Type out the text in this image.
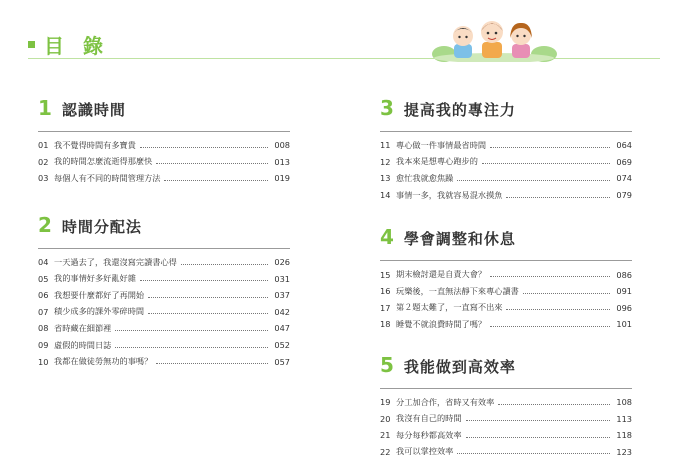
目 錄
1 認識時間
01 我不覺得時間有多寶貴	008
02 我的時間怎麼流逝得那麼快	013
03 每個人有不同的時間管理方法	019
2 時間分配法
04 一天過去了，我還沒寫完讀書心得	026
05 我的事情好多好亂好雜	031
06 我想要什麼都好了再開始	037
07 積少成多的課外零碎時間	042
08 省時藏在細節裡	047
09 虛假的時間日誌	052
10 我都在做徒勞無功的事嗎？	057
3 提高我的專注力
11 專心做一件事情最省時間	064
12 我本來是想專心跑步的	069
13 愈忙我就愈焦躁	074
14 事情一多，我就容易混水摸魚	079
4 學會調整和休息
15 期末檢討還是自責大會？	086
16 玩樂後，一直無法靜下來專心讀書	091
17 第２題太難了，一直寫不出來	096
18 睡覺不就浪費時間了嗎？	101
5 我能做到高效率
19 分工加合作，省時又有效率	108
20 我沒有自己的時間	113
21 每分每秒都高效率	118
22 我可以掌控效率	123
